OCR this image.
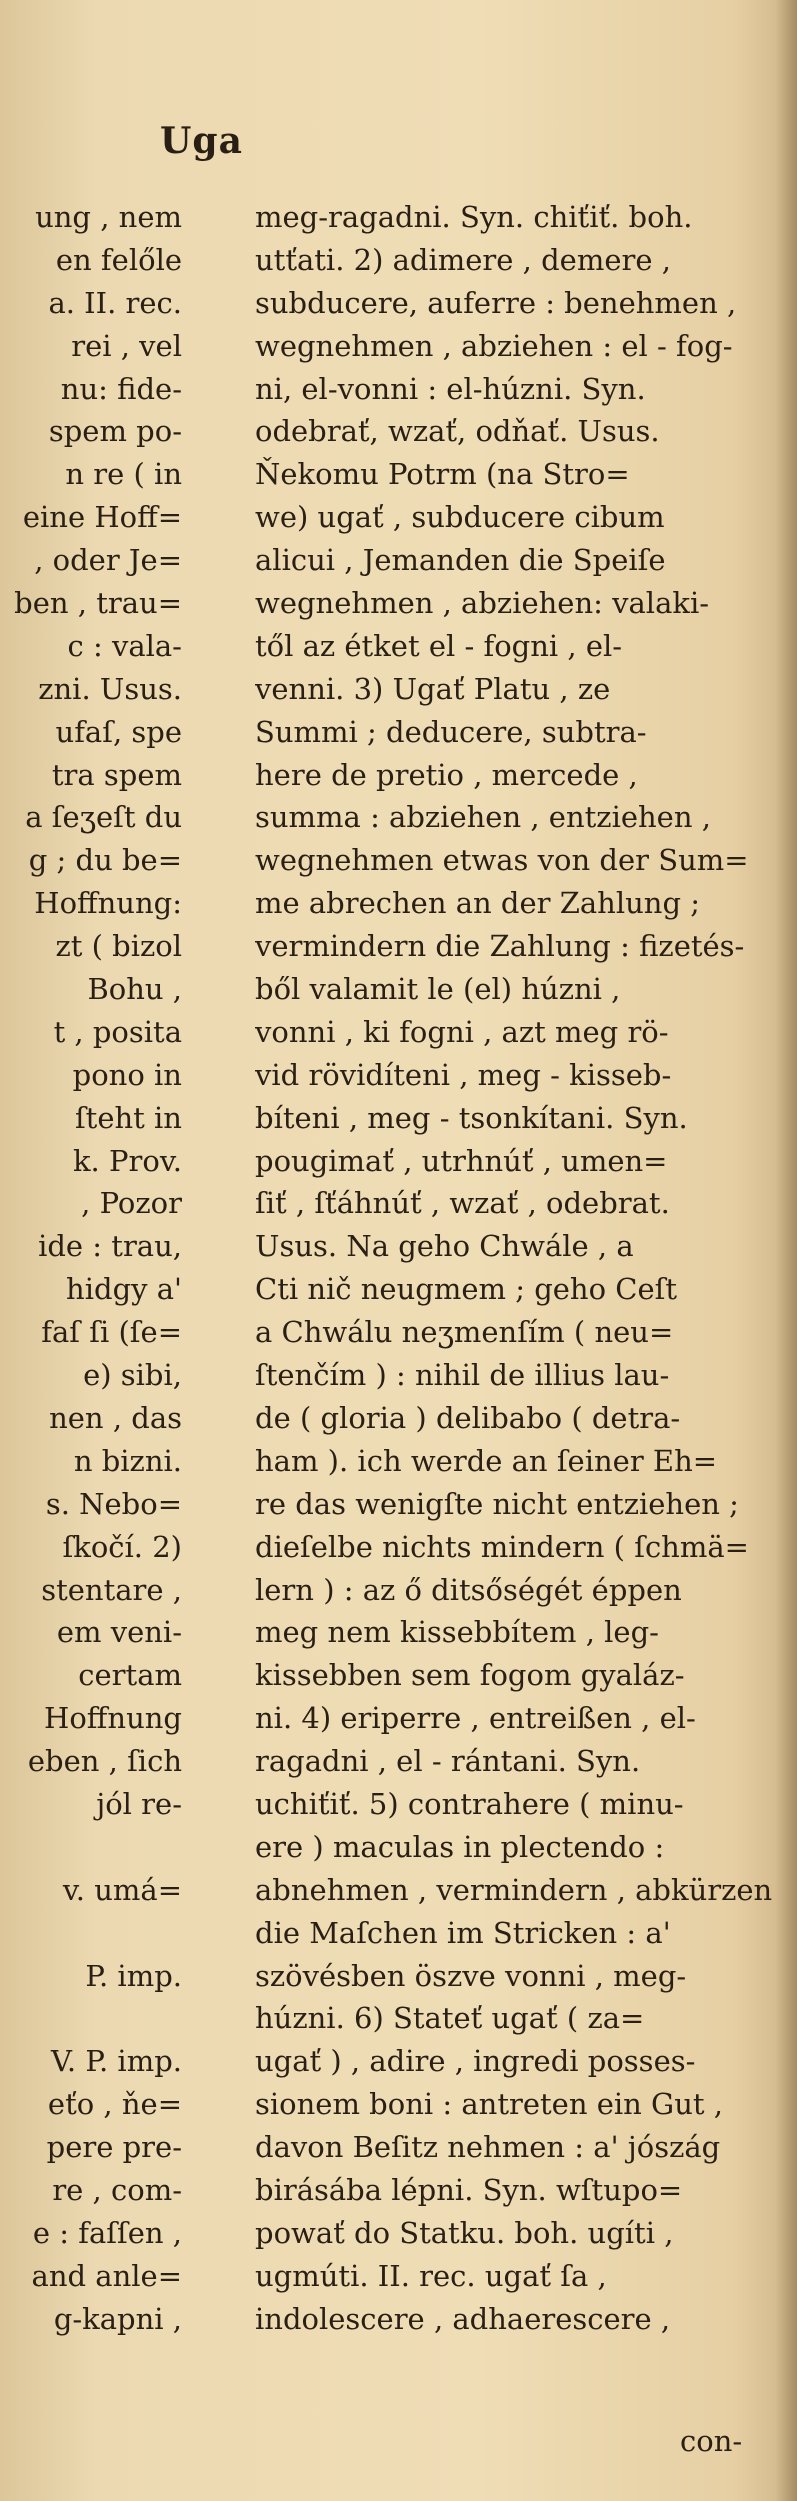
Uga
ung , nem
en felőle
a. II. rec.
rei , vel
nu: fide-
spem po-
n re ( in
eine Hoff=
, oder Je=
ben , trau=
c : vala-
zni. Usus.
ufaſ, spe
tra spem
a ſeʒeſt du
g ; du be=
Hoffnung:
zt ( bizol
Bohu ,
t , posita
pono in
ſteht in
k. Prov.
, Pozor
ide : trau,
hidgy a'
faſ ſi (ſe=
e) sibi,
nen , das
n bizni.
s. Nebo=
ſkočí. 2)
stentare ,
em veni-
certam
Hoffnung
eben , ſich
jól re-
v. umá=
P. imp.
V. P. imp.
eťo , ňe=
pere pre-
re , com-
e : faſſen ,
and anle=
g-kapni ,
meg-ragadni. Syn. chiťiť. boh.
utťati. 2) adimere , demere ,
subducere, auferre : benehmen ,
wegnehmen , abziehen : el - fog-
ni, el-vonni : el-húzni. Syn.
odebrať, wzať, odňať. Usus.
Ňekomu Potrm (na Stro=
we) ugať , subducere cibum
alicui , Jemanden die Speiſe
wegnehmen , abziehen: valaki-
től az étket el - fogni , el-
venni. 3) Ugať Platu , ze
Summi ; deducere, subtra-
here de pretio , mercede ,
summa : abziehen , entziehen ,
wegnehmen etwas von der Sum=
me abrechen an der Zahlung ;
vermindern die Zahlung : fizetés-
ből valamit le (el) húzni ,
vonni , ki fogni , azt meg rö-
vid rövidíteni , meg - kisseb-
bíteni , meg - tsonkítani. Syn.
pougimať , utrhnúť , umen=
ſiť , ſťáhnúť , wzať , odebrat.
Usus. Na geho Chwále , a
Cti nič neugmem ; geho Ceſt
a Chwálu neʒmenſím ( neu=
ſtenčím ) : nihil de illius lau-
de ( gloria ) delibabo ( detra-
ham ). ich werde an ſeiner Eh=
re das wenigſte nicht entziehen ;
dieſelbe nichts mindern ( ſchmä=
lern ) : az ő ditsőségét éppen
meg nem kissebbítem , leg-
kissebben sem fogom gyaláz-
ni. 4) eriperre , entreißen , el-
ragadni , el - rántani. Syn.
uchiťiť. 5) contrahere ( minu-
ere ) maculas in plectendo :
abnehmen , vermindern , abkürzen
die Maſchen im Stricken : a'
szövésben öszve vonni , meg-
húzni. 6) Stateť ugať ( za=
ugať ) , adire , ingredi posses-
sionem boni : antreten ein Gut ,
davon Beſitz nehmen : a' jószág
birásába lépni. Syn. wſtupo=
powať do Statku. boh. ugíti ,
ugmúti. II. rec. ugať ſa ,
indolescere , adhaerescere ,
con-
